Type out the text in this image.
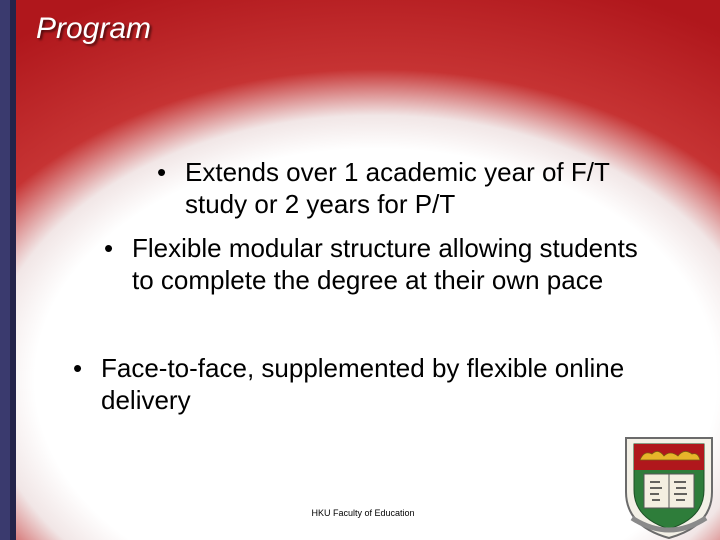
Program
• Extends over 1 academic year of F/T study or 2 years for P/T
• Flexible modular structure allowing students to complete the degree at their own pace
• Face-to-face, supplemented by flexible online delivery
HKU Faculty of Education
